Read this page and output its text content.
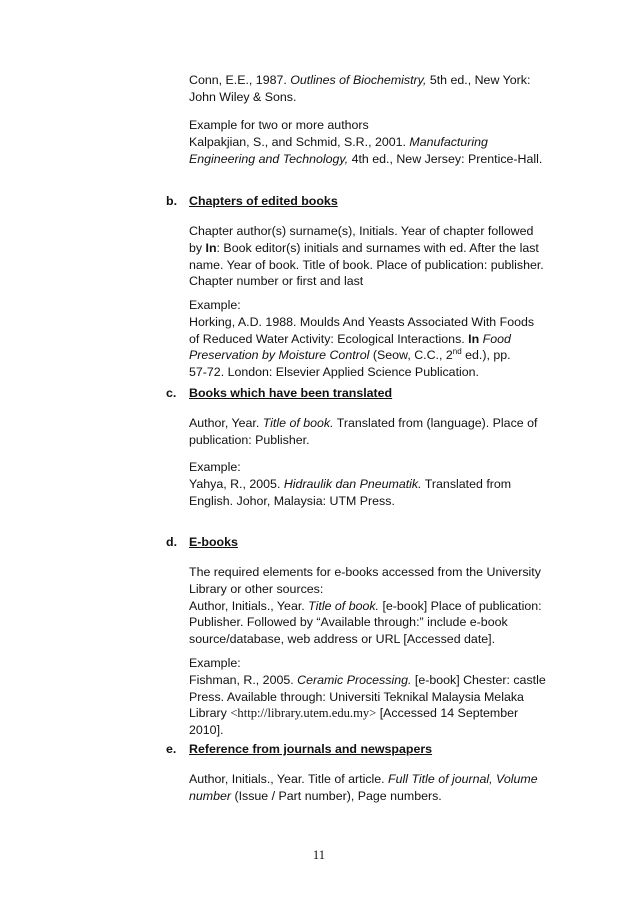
Conn, E.E., 1987. Outlines of Biochemistry, 5th ed., New York:
John Wiley & Sons.
Example for two or more authors
Kalpakjian, S., and Schmid, S.R., 2001. Manufacturing
Engineering and Technology, 4th ed., New Jersey: Prentice-Hall.
b. Chapters of edited books
Chapter author(s) surname(s), Initials. Year of chapter followed
by In: Book editor(s) initials and surnames with ed. After the last
name. Year of book. Title of book. Place of publication: publisher.
Chapter number or first and last
Example:
Horking, A.D. 1988. Moulds And Yeasts Associated With Foods
of Reduced Water Activity: Ecological Interactions. In Food
Preservation by Moisture Control (Seow, C.C., 2nd ed.), pp.
57-72. London: Elsevier Applied Science Publication.
c. Books which have been translated
Author, Year. Title of book. Translated from (language). Place of
publication: Publisher.
Example:
Yahya, R., 2005. Hidraulik dan Pneumatik. Translated from
English. Johor, Malaysia: UTM Press.
d. E-books
The required elements for e-books accessed from the University
Library or other sources:
Author, Initials., Year. Title of book. [e-book] Place of publication:
Publisher. Followed by “Available through:” include e-book
source/database, web address or URL [Accessed date].
Example:
Fishman, R., 2005. Ceramic Processing. [e-book] Chester: castle
Press. Available through: Universiti Teknikal Malaysia Melaka
Library <http://library.utem.edu.my> [Accessed 14 September
2010].
e. Reference from journals and newspapers
Author, Initials., Year. Title of article. Full Title of journal, Volume
number (Issue / Part number), Page numbers.
11
